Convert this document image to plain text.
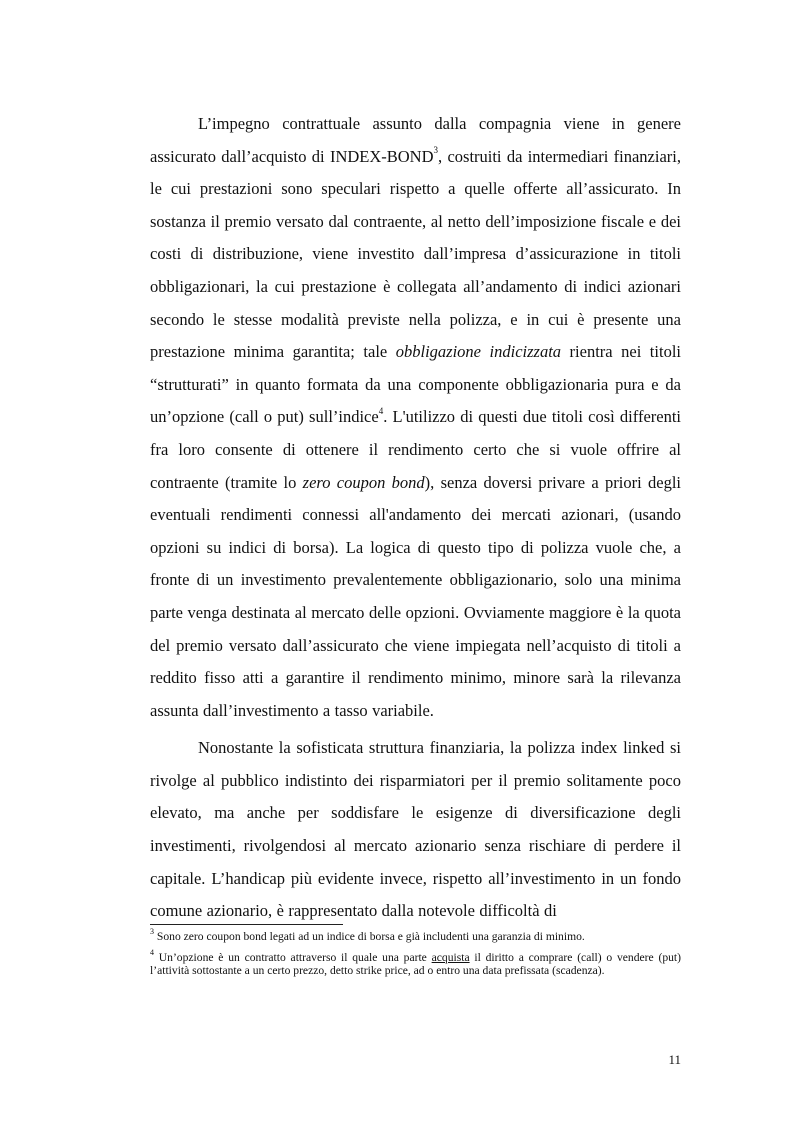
L’impegno contrattuale assunto dalla compagnia viene in genere assicurato dall’acquisto di INDEX-BOND$^3$, costruiti da intermediari finanziari, le cui prestazioni sono speculari rispetto a quelle offerte all’assicurato. In sostanza il premio versato dal contraente, al netto dell’imposizione fiscale e dei costi di distribuzione, viene investito dall’impresa d’assicurazione in titoli obbligazionari, la cui prestazione è collegata all’andamento di indici azionari secondo le stesse modalità previste nella polizza, e in cui è presente una prestazione minima garantita; tale obbligazione indicizzata rientra nei titoli “strutturati” in quanto formata da una componente obbligazionaria pura e da un’opzione (call o put) sull’indice$^4$. L'utilizzo di questi due titoli così differenti fra loro consente di ottenere il rendimento certo che si vuole offrire al contraente (tramite lo zero coupon bond), senza doversi privare a priori degli eventuali rendimenti connessi all'andamento dei mercati azionari, (usando opzioni su indici di borsa). La logica di questo tipo di polizza vuole che, a fronte di un investimento prevalentemente obbligazionario, solo una minima parte venga destinata al mercato delle opzioni. Ovviamente maggiore è la quota del premio versato dall’assicurato che viene impiegata nell’acquisto di titoli a reddito fisso atti a garantire il rendimento minimo, minore sarà la rilevanza assunta dall’investimento a tasso variabile.

Nonostante la sofisticata struttura finanziaria, la polizza index linked si rivolge al pubblico indistinto dei risparmiatori per il premio solitamente poco elevato, ma anche per soddisfare le esigenze di diversificazione degli investimenti, rivolgendosi al mercato azionario senza rischiare di perdere il capitale. L’handicap più evidente invece, rispetto all’investimento in un fondo comune azionario, è rappresentato dalla notevole difficoltà di

$^3$ Sono zero coupon bond legati ad un indice di borsa e già includenti una garanzia di minimo.

$^4$ Un’opzione è un contratto attraverso il quale una parte acquista il diritto a comprare (call) o vendere (put) l’attività sottostante a un certo prezzo, detto strike price, ad o entro una data prefissata (scadenza).

11
